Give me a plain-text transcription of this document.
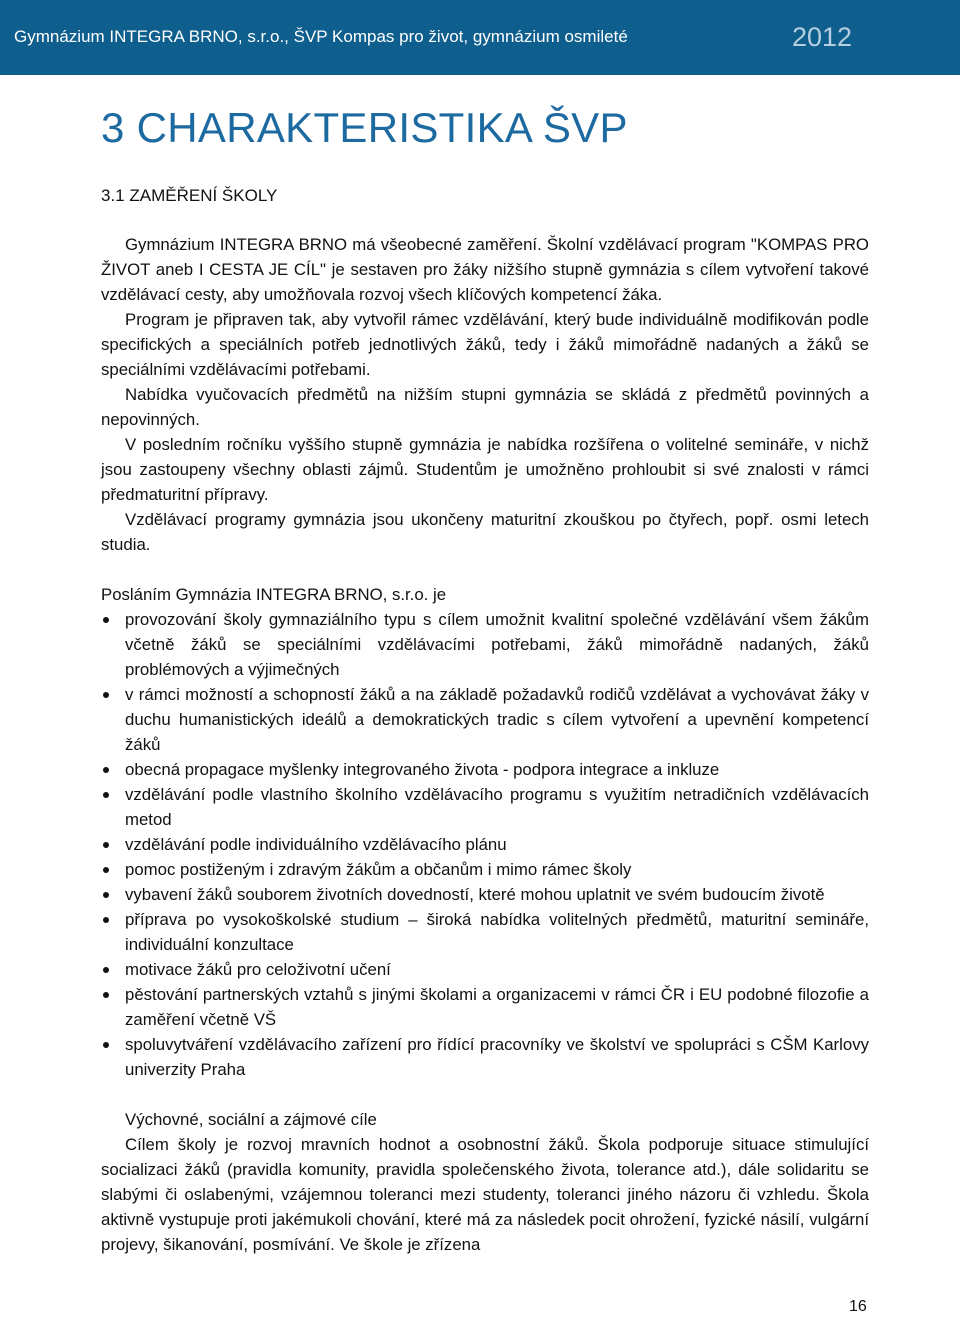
Gymnázium INTEGRA BRNO, s.r.o., ŠVP Kompas pro život, gymnázium osmileté	2012
3 CHARAKTERISTIKA ŠVP
3.1 ZAMĚŘENÍ ŠKOLY

Gymnázium INTEGRA BRNO má všeobecné zaměření. Školní vzdělávací program "KOMPAS PRO ŽIVOT aneb I CESTA JE CÍL" je sestaven pro žáky nižšího stupně gymnázia s cílem vytvoření takové vzdělávací cesty, aby umožňovala rozvoj všech klíčových kompetencí žáka.

Program je připraven tak, aby vytvořil rámec vzdělávání, který bude individuálně modifikován podle specifických a speciálních potřeb jednotlivých žáků, tedy i žáků mimořádně nadaných a žáků se speciálními vzdělávacími potřebami.

Nabídka vyučovacích předmětů na nižším stupni gymnázia se skládá z předmětů povinných a nepovinných.

V posledním ročníku vyššího stupně gymnázia je nabídka rozšířena o volitelné semináře, v nichž jsou zastoupeny všechny oblasti zájmů. Studentům je umožněno prohloubit si své znalosti v rámci předmaturitní přípravy.

Vzdělávací programy gymnázia jsou ukončeny maturitní zkouškou po čtyřech, popř. osmi letech studia.

Posláním Gymnázia INTEGRA BRNO, s.r.o. je

provozování školy gymnaziálního typu s cílem umožnit kvalitní společné vzdělávání všem žákům včetně žáků se speciálními vzdělávacími potřebami, žáků mimořádně nadaných, žáků problémových a výjimečných
v rámci možností a schopností žáků a na základě požadavků rodičů vzdělávat a vychovávat žáky v duchu humanistických ideálů a demokratických tradic s cílem vytvoření a upevnění kompetencí žáků
obecná propagace myšlenky integrovaného života - podpora integrace a inkluze
vzdělávání podle vlastního školního vzdělávacího programu s využitím netradičních vzdělávacích metod
vzdělávání podle individuálního vzdělávacího plánu
pomoc postiženým i zdravým žákům a občanům i mimo rámec školy
vybavení žáků souborem životních dovedností, které mohou uplatnit ve svém budoucím životě
příprava po vysokoškolské studium – široká nabídka volitelných předmětů, maturitní semináře, individuální konzultace
motivace žáků pro celoživotní učení
pěstování partnerských vztahů s jinými školami a organizacemi v rámci ČR i EU podobné filozofie a zaměření včetně VŠ
spoluvytváření vzdělávacího zařízení pro řídící pracovníky ve školství ve spolupráci s CŠM Karlovy univerzity Praha

Výchovné, sociální a zájmové cíle

Cílem školy je rozvoj mravních hodnot a osobnostní žáků. Škola podporuje situace stimulující socializaci žáků (pravidla komunity, pravidla společenského života, tolerance atd.), dále solidaritu se slabými či oslabenými, vzájemnou toleranci mezi studenty, toleranci jiného názoru či vzhledu. Škola aktivně vystupuje proti jakémukoli chování, které má za následek pocit ohrožení, fyzické násilí, vulgární projevy, šikanování, posmívání. Ve škole je zřízena

16
